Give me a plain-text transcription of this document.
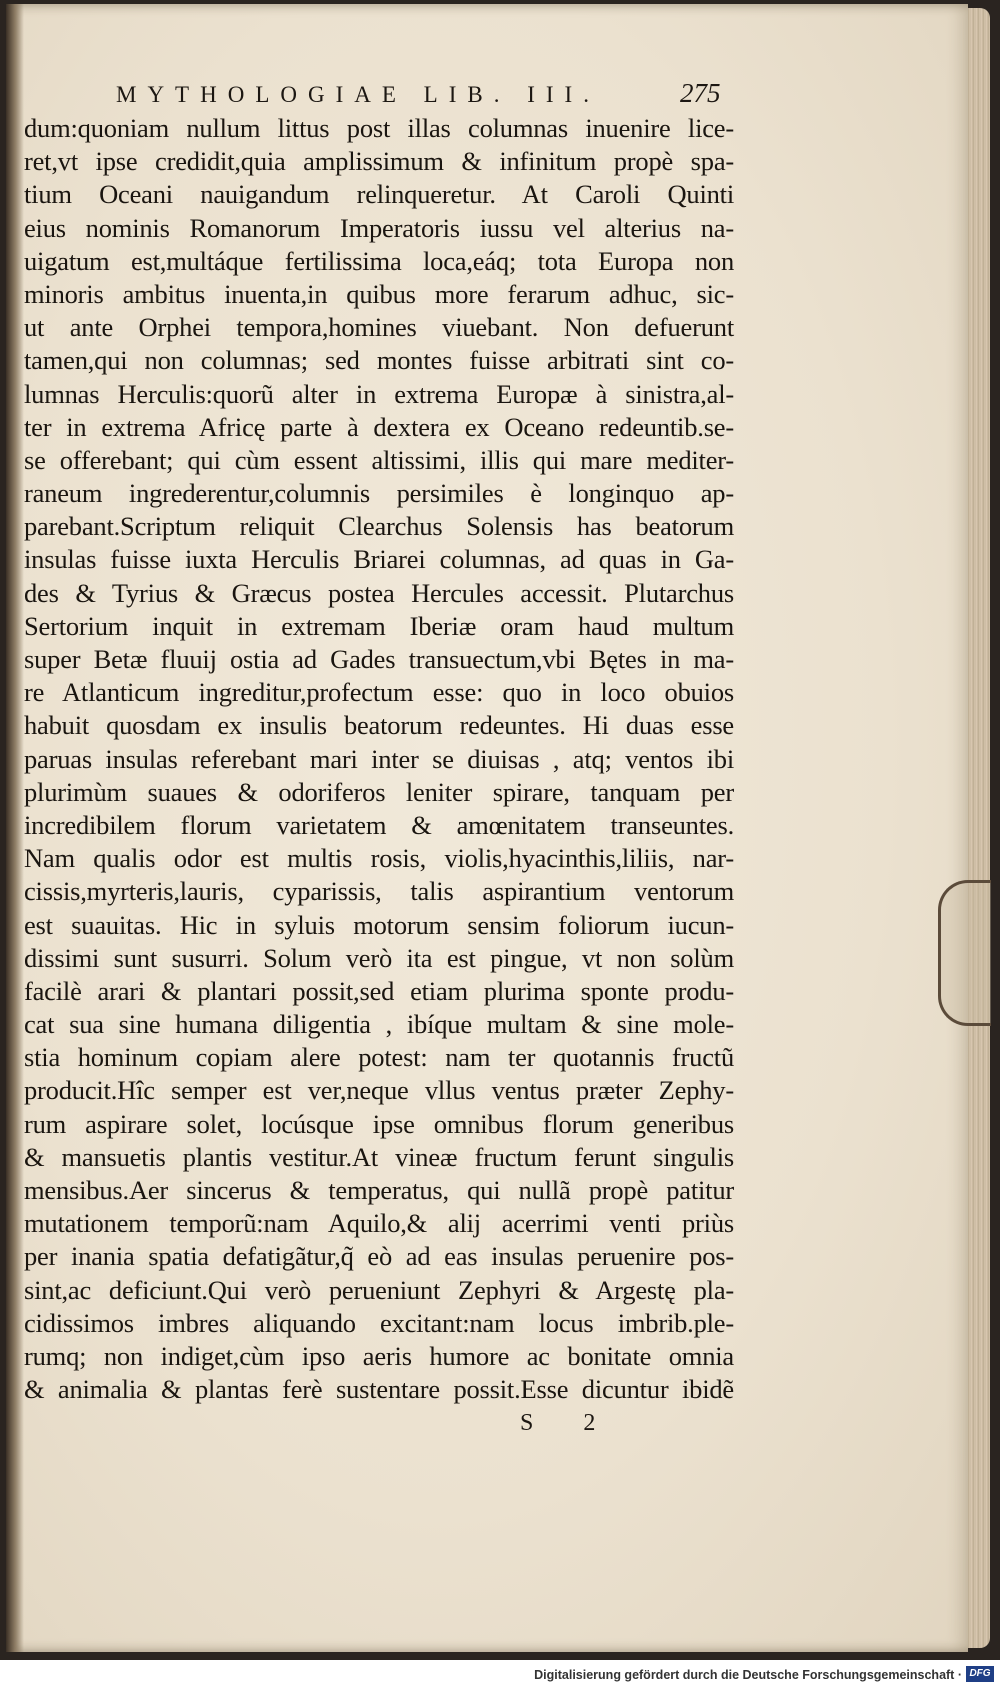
MYTHOLOGIAE LIB. III.	275
dum:quoniam nullum littus post illas columnas inuenire lice-
ret,vt ipse credidit,quia amplissimum & infinitum propè spa-
tium Oceani nauigandum relinqueretur. At Caroli Quinti
eius nominis Romanorum Imperatoris iussu vel alterius na-
uigatum est,multáque fertilissima loca,eáq; tota Europa non
minoris ambitus inuenta,in quibus more ferarum adhuc, sic-
ut ante Orphei tempora,homines viuebant. Non defuerunt
tamen,qui non columnas; sed montes fuisse arbitrati sint co-
lumnas Herculis:quorũ alter in extrema Europæ à sinistra,al-
ter in extrema Africę parte à dextera ex Oceano redeuntib.se-
se offerebant; qui cùm essent altissimi, illis qui mare mediter-
raneum ingrederentur,columnis persimiles è longinquo ap-
parebant.Scriptum reliquit Clearchus Solensis has beatorum
insulas fuisse iuxta Herculis Briarei columnas, ad quas in Ga-
des & Tyrius & Græcus postea Hercules accessit. Plutarchus
Sertorium inquit in extremam Iberiæ oram haud multum
super Betæ fluuij ostia ad Gades transuectum,vbi Bętes in ma-
re Atlanticum ingreditur,profectum esse: quo in loco obuios
habuit quosdam ex insulis beatorum redeuntes. Hi duas esse
paruas insulas referebant mari inter se diuisas , atq; ventos ibi
plurimùm suaues & odoriferos leniter spirare, tanquam per
incredibilem florum varietatem & amœnitatem transeuntes.
Nam qualis odor est multis rosis, violis,hyacinthis,liliis, nar-
cissis,myrteris,lauris, cyparissis, talis aspirantium ventorum
est suauitas. Hic in syluis motorum sensim foliorum iucun-
dissimi sunt susurri. Solum verò ita est pingue, vt non solùm
facilè arari & plantari possit,sed etiam plurima sponte produ-
cat sua sine humana diligentia , ibíque multam & sine mole-
stia hominum copiam alere potest: nam ter quotannis fructũ
producit.Hîc semper est ver,neque vllus ventus præter Zephy-
rum aspirare solet, locúsque ipse omnibus florum generibus
& mansuetis plantis vestitur.At vineæ fructum ferunt singulis
mensibus.Aer sincerus & temperatus, qui nullã propè patitur
mutationem temporũ:nam Aquilo,& alij acerrimi venti priùs
per inania spatia defatigãtur,q̃ eò ad eas insulas peruenire pos-
sint,ac deficiunt.Qui verò perueniunt Zephyri & Argestę pla-
cidissimos imbres aliquando excitant:nam locus imbrib.ple-
rumq; non indiget,cùm ipso aeris humore ac bonitate omnia
& animalia & plantas ferè sustentare possit.Esse dicuntur ibidẽ
S 2
Digitalisierung gefördert durch die Deutsche Forschungsgemeinschaft · DFG
